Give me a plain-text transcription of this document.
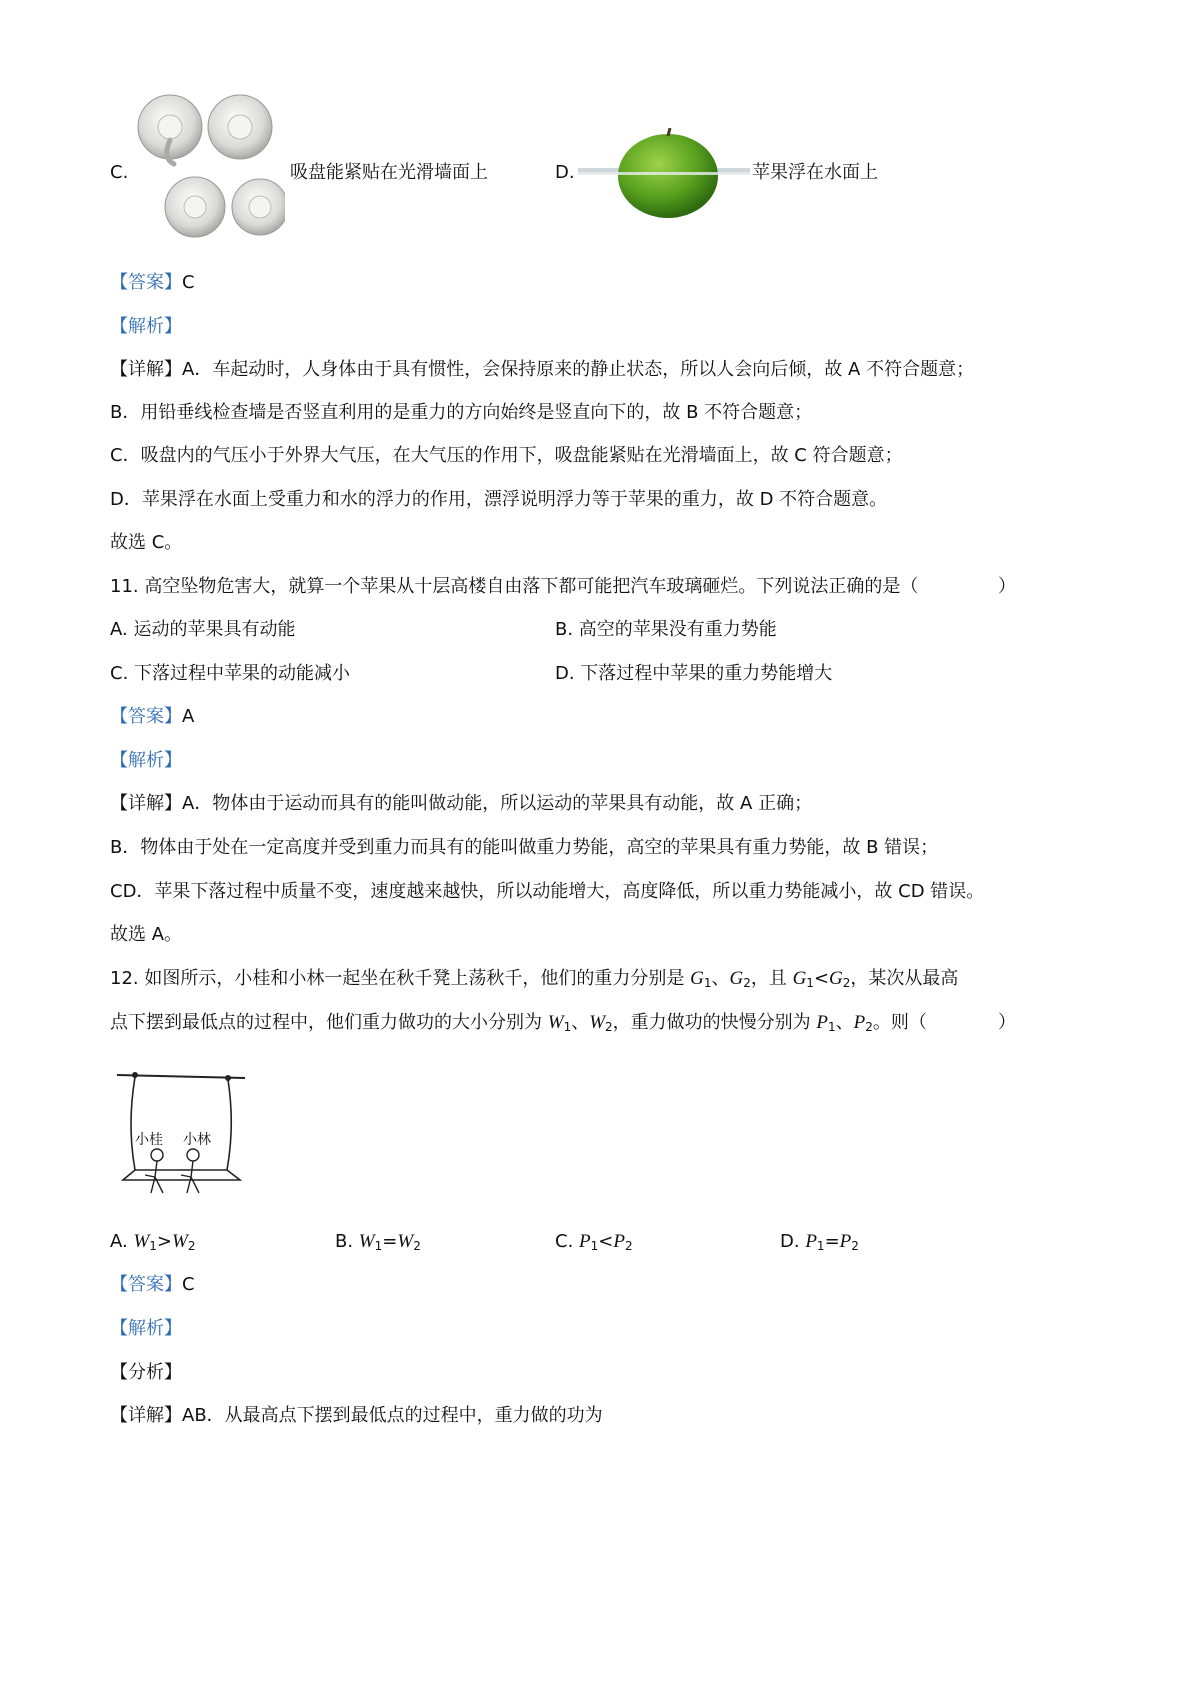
C.	吸盘能紧贴在光滑墙面上	D.	苹果浮在水面上
【答案】C
【解析】
【详解】A．车起动时，人身体由于具有惯性，会保持原来的静止状态，所以人会向后倾，故 A 不符合题意；
B．用铅垂线检查墙是否竖直利用的是重力的方向始终是竖直向下的，故 B 不符合题意；
C．吸盘内的气压小于外界大气压，在大气压的作用下，吸盘能紧贴在光滑墙面上，故 C 符合题意；
D．苹果浮在水面上受重力和水的浮力的作用，漂浮说明浮力等于苹果的重力，故 D 不符合题意。
故选 C。
11. 高空坠物危害大，就算一个苹果从十层高楼自由落下都可能把汽车玻璃砸烂。下列说法正确的是（	）
A. 运动的苹果具有动能	B. 高空的苹果没有重力势能
C. 下落过程中苹果的动能减小	D. 下落过程中苹果的重力势能增大
【答案】A
【解析】
【详解】A．物体由于运动而具有的能叫做动能，所以运动的苹果具有动能，故 A 正确；
B．物体由于处在一定高度并受到重力而具有的能叫做重力势能，高空的苹果具有重力势能，故 B 错误；
CD．苹果下落过程中质量不变，速度越来越快，所以动能增大，高度降低，所以重力势能减小，故 CD 错误。
故选 A。
12. 如图所示，小桂和小林一起坐在秋千凳上荡秋千，他们的重力分别是 $G_1$、$G_2$，且 $G_1<G_2$，某次从最高
点下摆到最低点的过程中，他们重力做功的大小分别为 $W_1$、$W_2$，重力做功的快慢分别为 $P_1$、$P_2$。则（	）
小桂 小林
A. $W_1>W_2$	B. $W_1=W_2$	C. $P_1<P_2$	D. $P_1=P_2$
【答案】C
【解析】
【分析】
【详解】AB．从最高点下摆到最低点的过程中，重力做的功为
